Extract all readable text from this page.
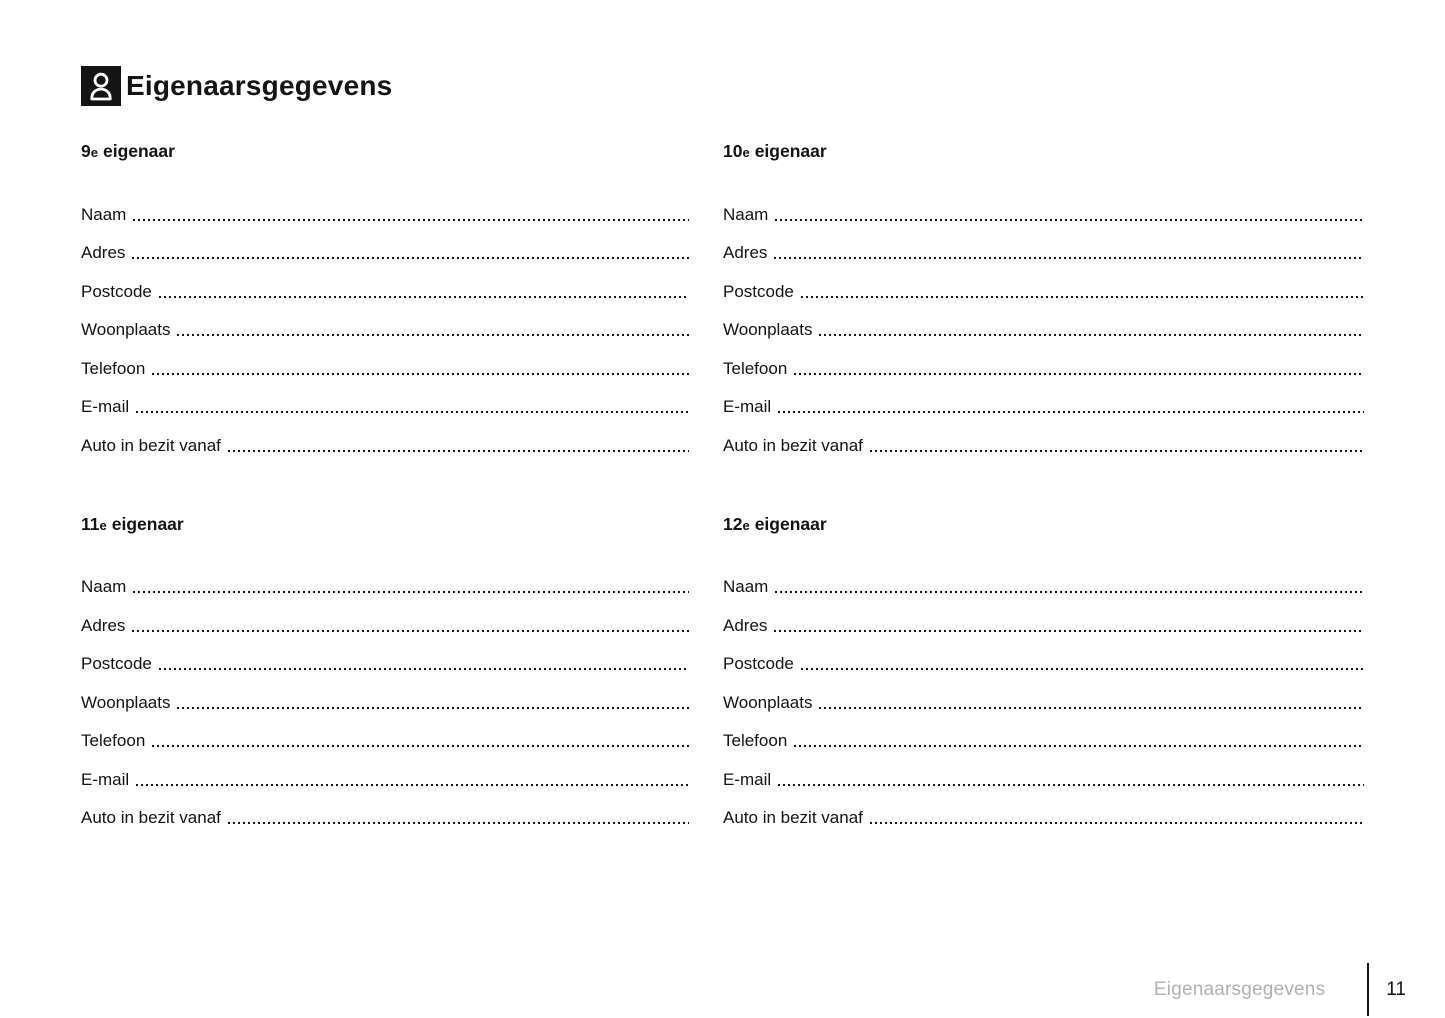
Eigenaarsgegevens
9e eigenaar
Naam
Adres
Postcode
Woonplaats
Telefoon
E-mail
Auto in bezit vanaf
10e eigenaar
Naam
Adres
Postcode
Woonplaats
Telefoon
E-mail
Auto in bezit vanaf
11e eigenaar
Naam
Adres
Postcode
Woonplaats
Telefoon
E-mail
Auto in bezit vanaf
12e eigenaar
Naam
Adres
Postcode
Woonplaats
Telefoon
E-mail
Auto in bezit vanaf
Eigenaarsgegevens	11
